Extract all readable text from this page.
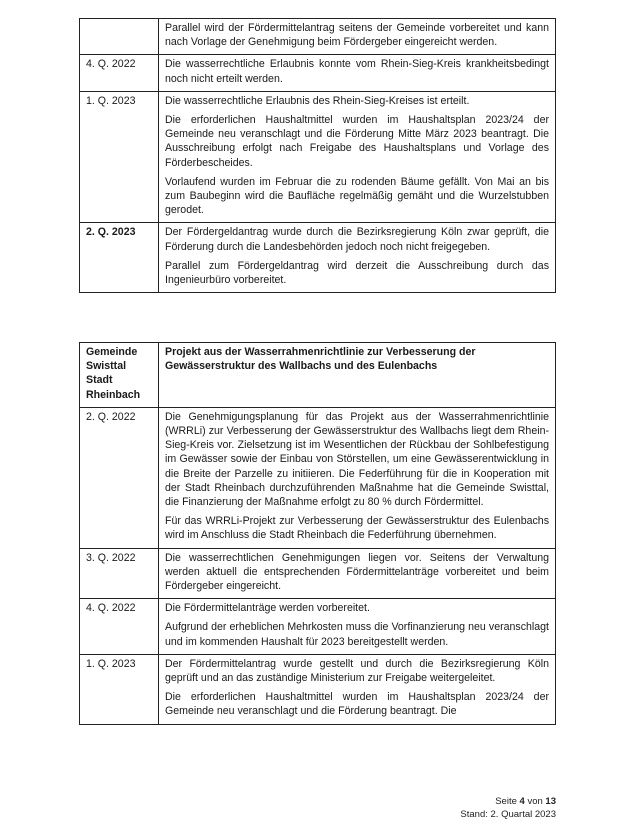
	Parallel wird der Fördermittelantrag seitens der Gemeinde vorbereitet und kann nach Vorlage der Genehmigung beim Fördergeber eingereicht werden.

4. Q. 2022	Die wasserrechtliche Erlaubnis konnte vom Rhein-Sieg-Kreis krankheitsbedingt noch nicht erteilt werden.

1. Q. 2023	Die wasserrechtliche Erlaubnis des Rhein-Sieg-Kreises ist erteilt.

Die erforderlichen Haushaltmittel wurden im Haushaltsplan 2023/24 der Gemeinde neu veranschlagt und die Förderung Mitte März 2023 beantragt. Die Ausschreibung erfolgt nach Freigabe des Haushaltsplans und Vorlage des Förderbescheides.

Vorlaufend wurden im Februar die zu rodenden Bäume gefällt. Von Mai an bis zum Baubeginn wird die Baufläche regelmäßig gemäht und die Wurzelstubben gerodet.

2. Q. 2023	Der Fördergeldantrag wurde durch die Bezirksregierung Köln zwar geprüft, die Förderung durch die Landesbehörden jedoch noch nicht freigegeben.

Parallel zum Fördergeldantrag wird derzeit die Ausschreibung durch das Ingenieurbüro vorbereitet.

Gemeinde Swisttal Stadt Rheinbach	Projekt aus der Wasserrahmenrichtlinie zur Verbesserung der Gewässerstruktur des Wallbachs und des Eulenbachs
2. Q. 2022	Die Genehmigungsplanung für das Projekt aus der Wasserrahmenrichtlinie (WRRLi) zur Verbesserung der Gewässerstruktur des Wallbachs liegt dem Rhein-Sieg-Kreis vor. Zielsetzung ist im Wesentlichen der Rückbau der Sohlbefestigung im Gewässer sowie der Einbau von Störstellen, um eine Gewässerentwicklung in die Breite der Parzelle zu initiieren. Die Federführung für die in Kooperation mit der Stadt Rheinbach durchzuführenden Maßnahme hat die Gemeinde Swisttal, die Finanzierung der Maßnahme erfolgt zu 80 % durch Fördermittel.

Für das WRRLi-Projekt zur Verbesserung der Gewässerstruktur des Eulenbachs wird im Anschluss die Stadt Rheinbach die Federführung übernehmen.

3. Q. 2022	Die wasserrechtlichen Genehmigungen liegen vor. Seitens der Verwaltung werden aktuell die entsprechenden Fördermittelanträge vorbereitet und beim Fördergeber eingereicht.

4. Q. 2022	Die Fördermittelanträge werden vorbereitet.

Aufgrund der erheblichen Mehrkosten muss die Vorfinanzierung neu veranschlagt und im kommenden Haushalt für 2023 bereitgestellt werden.

1. Q. 2023	Der Fördermittelantrag wurde gestellt und durch die Bezirksregierung Köln geprüft und an das zuständige Ministerium zur Freigabe weitergeleitet.

Die erforderlichen Haushaltmittel wurden im Haushaltsplan 2023/24 der Gemeinde neu veranschlagt und die Förderung beantragt. Die

Seite 4 von 13
Stand: 2. Quartal 2023
